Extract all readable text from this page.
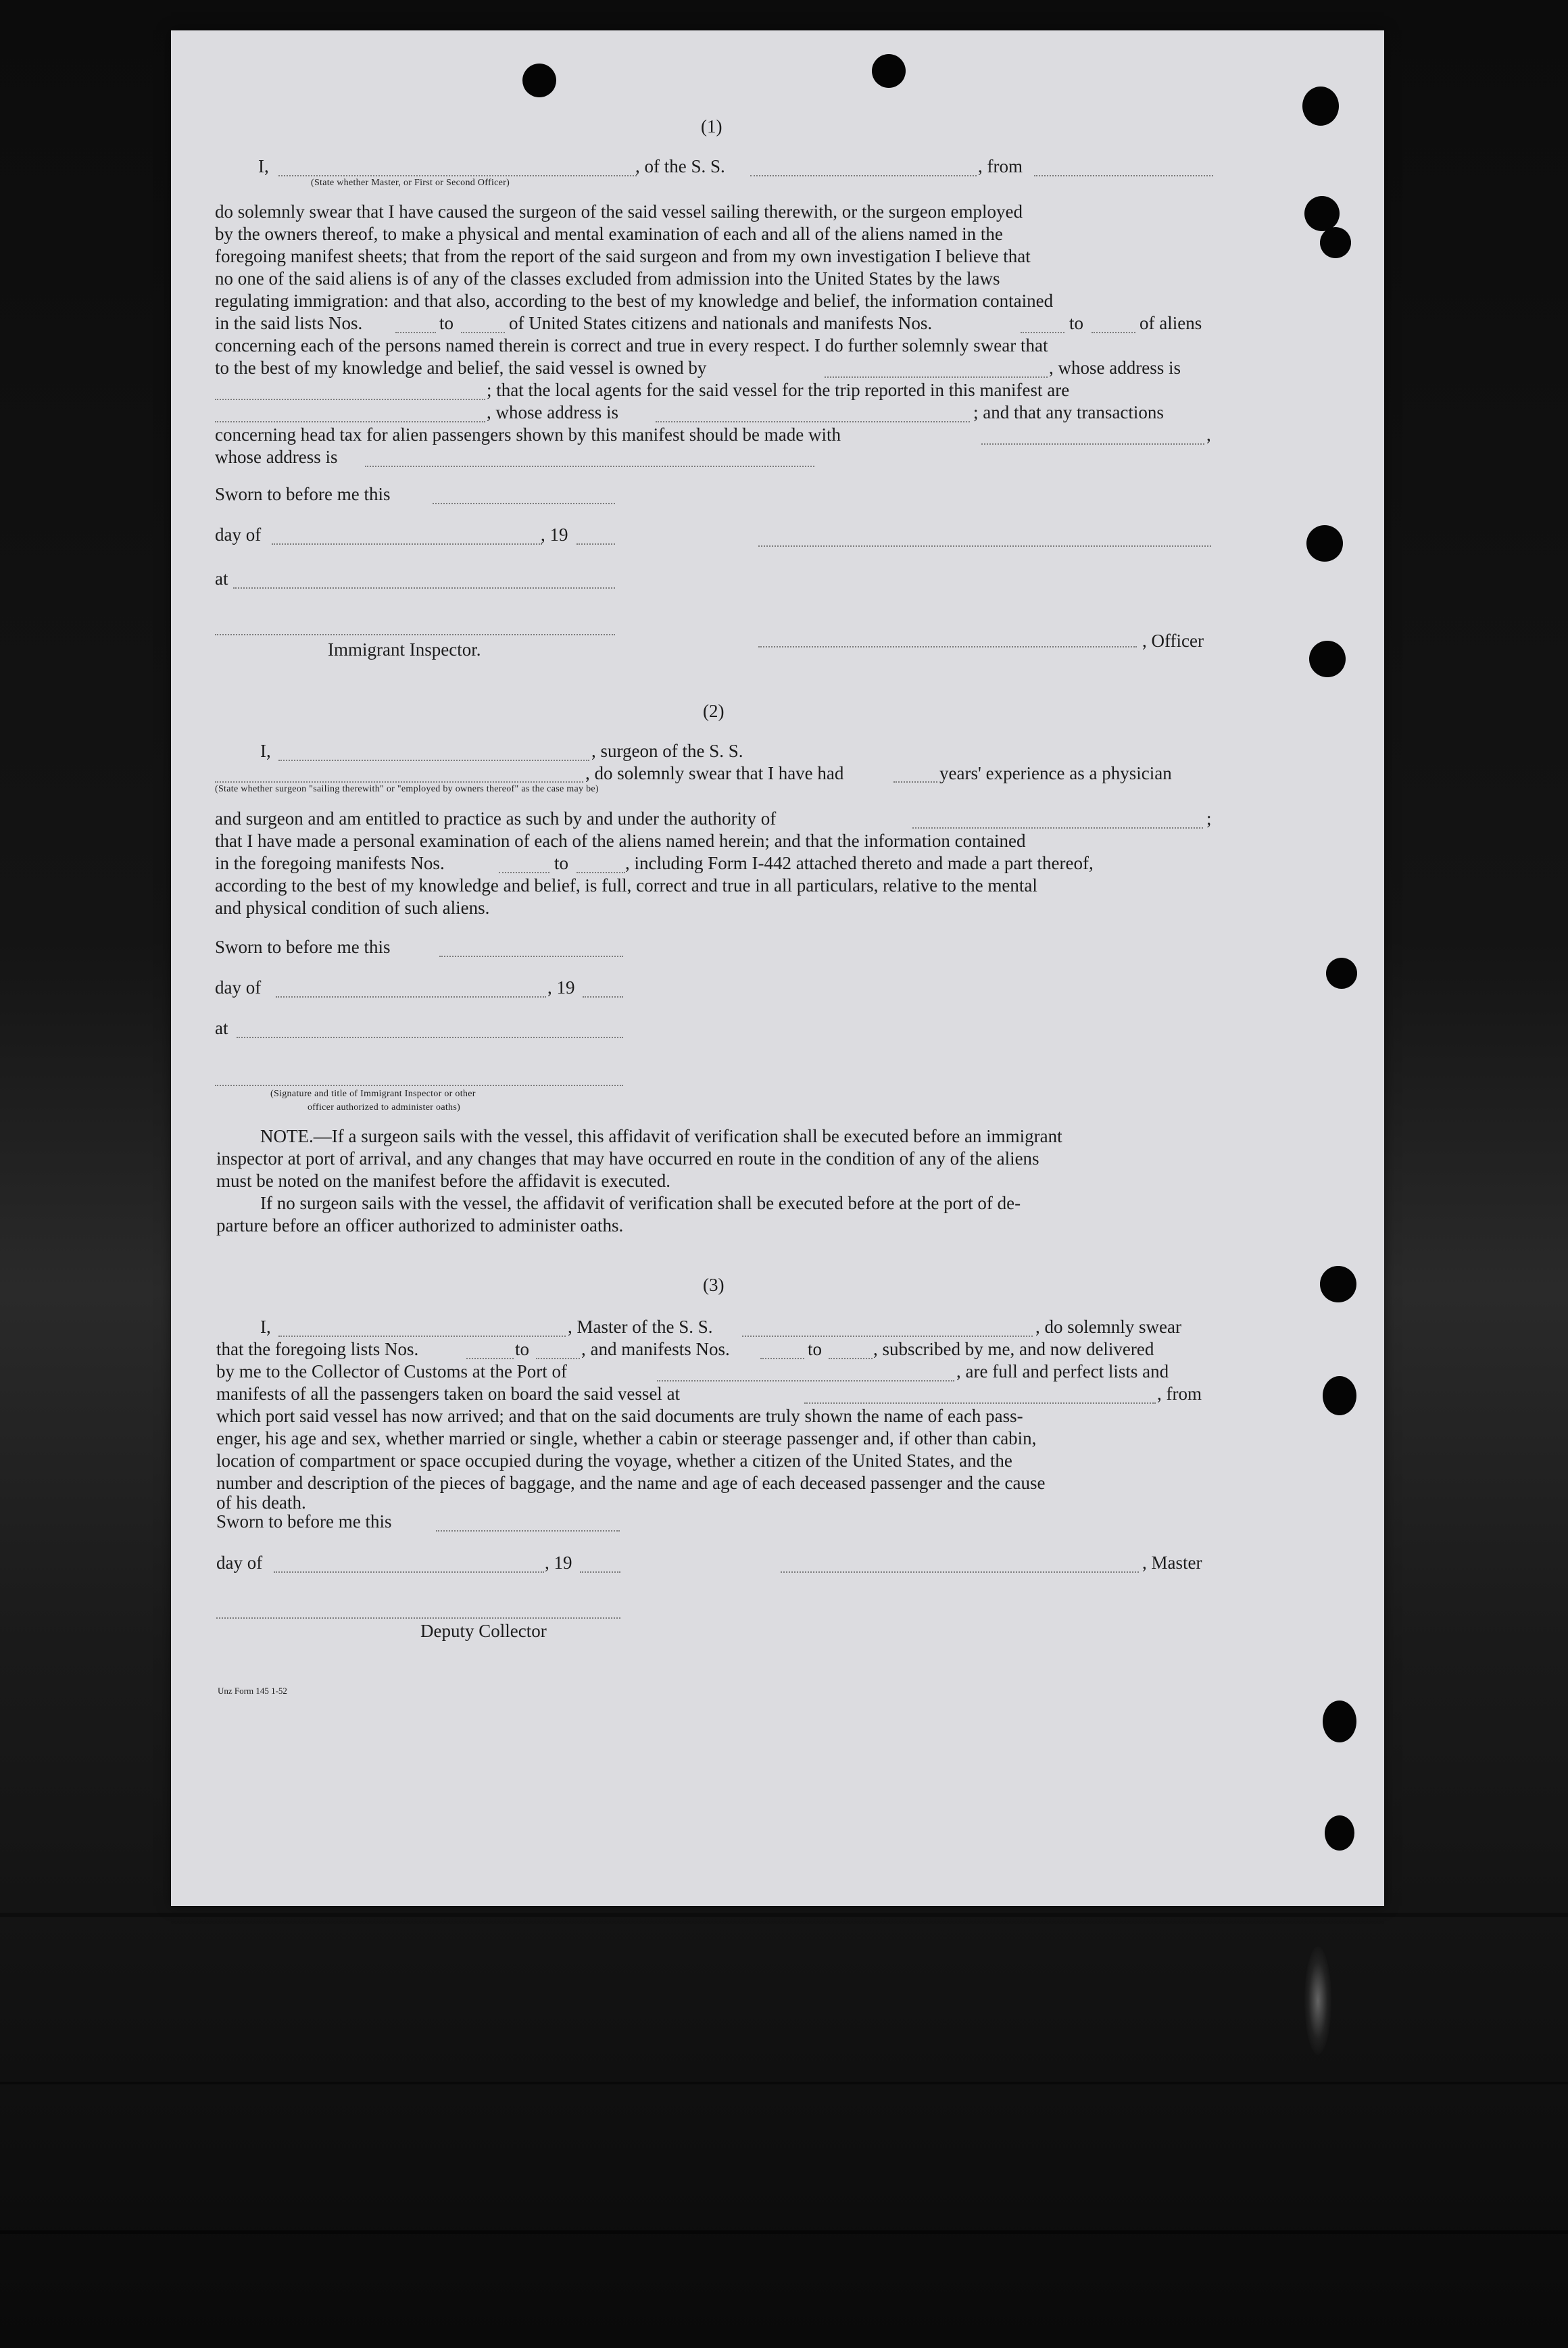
(1)
I,	, of the S. S.	, from
(State whether Master, or First or Second Officer)
do solemnly swear that I have caused the surgeon of the said vessel sailing therewith, or the surgeon employed
by the owners thereof, to make a physical and mental examination of each and all of the aliens named in the
foregoing manifest sheets; that from the report of the said surgeon and from my own investigation I believe that
no one of the said aliens is of any of the classes excluded from admission into the United States by the laws
regulating immigration: and that also, according to the best of my knowledge and belief, the information contained
in the said lists Nos.	to	of United States citizens and nationals and manifests Nos.	to	of aliens
concerning each of the persons named therein is correct and true in every respect. I do further solemnly swear that
to the best of my knowledge and belief, the said vessel is owned by	, whose address is
; that the local agents for the said vessel for the trip reported in this manifest are
, whose address is	; and that any transactions
concerning head tax for alien passengers shown by this manifest should be made with	,
whose address is
Sworn to before me this
day of	, 19
at
, Officer
Immigrant Inspector.
(2)
I,	, surgeon of the S. S.
, do solemnly swear that I have had	years' experience as a physician
(State whether surgeon "sailing therewith" or "employed by owners thereof" as the case may be)
and surgeon and am entitled to practice as such by and under the authority of	;
that I have made a personal examination of each of the aliens named herein; and that the information contained
in the foregoing manifests Nos.	to	, including Form I-442 attached thereto and made a part thereof,
according to the best of my knowledge and belief, is full, correct and true in all particulars, relative to the mental
and physical condition of such aliens.
Sworn to before me this
day of	, 19
at
(Signature and title of Immigrant Inspector or other
officer authorized to administer oaths)
NOTE.—If a surgeon sails with the vessel, this affidavit of verification shall be executed before an immigrant
inspector at port of arrival, and any changes that may have occurred en route in the condition of any of the aliens
must be noted on the manifest before the affidavit is executed.
If no surgeon sails with the vessel, the affidavit of verification shall be executed before at the port of de-
parture before an officer authorized to administer oaths.
(3)
I,	, Master of the S. S.	, do solemnly swear
that the foregoing lists Nos.	to	, and manifests Nos.	to	, subscribed by me, and now delivered
by me to the Collector of Customs at the Port of	, are full and perfect lists and
manifests of all the passengers taken on board the said vessel at	, from
which port said vessel has now arrived; and that on the said documents are truly shown the name of each pass-
enger, his age and sex, whether married or single, whether a cabin or steerage passenger and, if other than cabin,
location of compartment or space occupied during the voyage, whether a citizen of the United States, and the
number and description of the pieces of baggage, and the name and age of each deceased passenger and the cause
of his death.
Sworn to before me this
day of	, 19	, Master
Deputy Collector
Unz Form 145 1-52
